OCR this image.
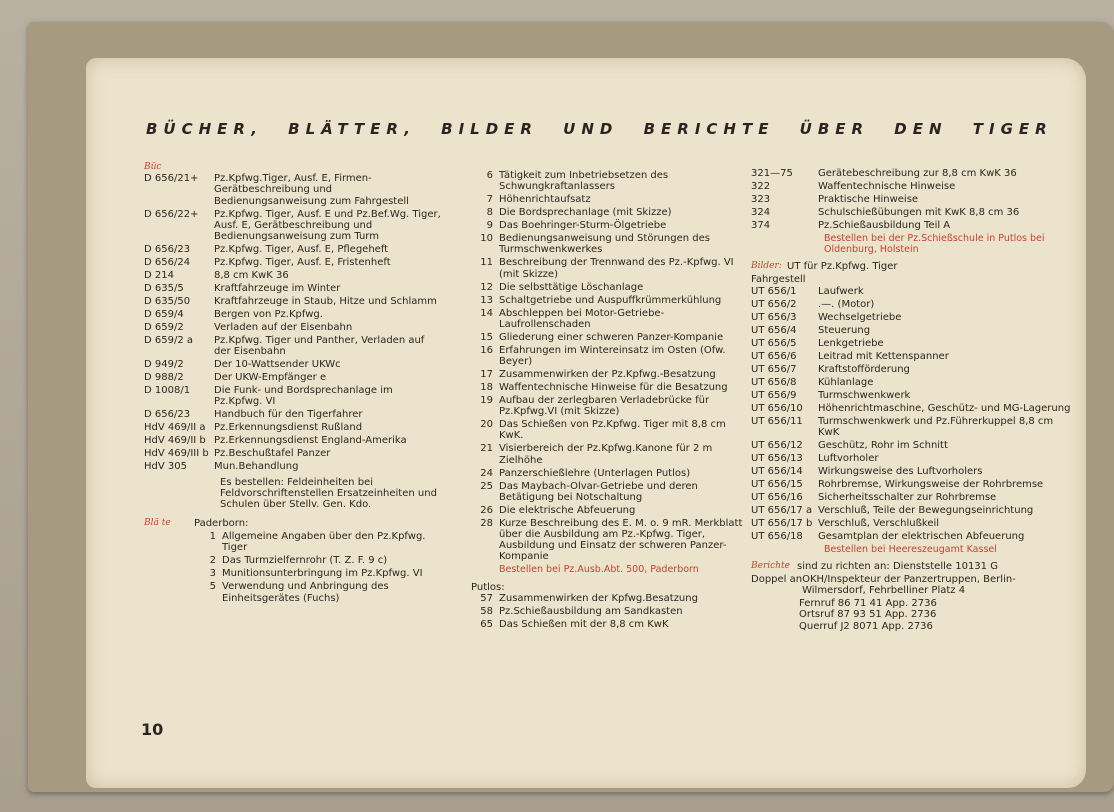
BÜCHER, BLÄTTER, BILDER UND BERICHTE ÜBER DEN TIGER
Büc
D 656/21+	Pz.Kpfwg.Tiger, Ausf. E, Firmen-Gerätbeschreibung und Bedienungsanweisung zum Fahrgestell
D 656/22+	Pz.Kpfwg. Tiger, Ausf. E und Pz.Bef.Wg. Tiger, Ausf. E, Gerätbeschreibung und Bedienungsanweisung zum Turm
D 656/23	Pz.Kpfwg. Tiger, Ausf. E, Pflegeheft
D 656/24	Pz.Kpfwg. Tiger, Ausf. E, Fristenheft
D 214	8,8 cm KwK 36
D 635/5	Kraftfahrzeuge im Winter
D 635/50	Kraftfahrzeuge in Staub, Hitze und Schlamm
D 659/4	Bergen von Pz.Kpfwg.
D 659/2	Verladen auf der Eisenbahn
D 659/2 a	Pz.Kpfwg. Tiger und Panther, Verladen auf der Eisenbahn
D 949/2	Der 10-Wattsender UKWc
D 988/2	Der UKW-Empfänger e
D 1008/1	Die Funk- und Bordsprechanlage im Pz.Kpfwg. VI
D 656/23	Handbuch für den Tigerfahrer
HdV 469/II a Pz.Erkennungsdienst Rußland
HdV 469/II b Pz.Erkennungsdienst England-Amerika
HdV 469/III b Pz.Beschußtafel Panzer
HdV 305	Mun.Behandlung
Es bestellen: Feldeinheiten bei Feldvorschriftenstellen Ersatzeinheiten und Schulen über Stellv. Gen. Kdo.
Blä te	Paderborn:
1 Allgemeine Angaben über den Pz.Kpfwg. Tiger
2 Das Turmzielfernrohr (T. Z. F. 9 c)
3 Munitionsunterbringung im Pz.Kpfwg. VI
5 Verwendung und Anbringung des Einheitsgerätes (Fuchs)
6 Tätigkeit zum Inbetriebsetzen des Schwungkraftanlassers
7 Höhenrichtaufsatz
8 Die Bordsprechanlage (mit Skizze)
9 Das Boehringer-Sturm-Ölgetriebe
10 Bedienungsanweisung und Störungen des Turmschwenkwerkes
11 Beschreibung der Trennwand des Pz.-Kpfwg. VI (mit Skizze)
12 Die selbsttätige Löschanlage
13 Schaltgetriebe und Auspuffkrümmerkühlung
14 Abschleppen bei Motor-Getriebe-Laufrollenschaden
15 Gliederung einer schweren Panzer-Kompanie
16 Erfahrungen im Wintereinsatz im Osten (Ofw. Beyer)
17 Zusammenwirken der Pz.Kpfwg.-Besatzung
18 Waffentechnische Hinweise für die Besatzung
19 Aufbau der zerlegbaren Verladebrücke für Pz.Kpfwg.VI (mit Skizze)
20 Das Schießen von Pz.Kpfwg. Tiger mit 8,8 cm KwK.
21 Visierbereich der Pz.Kpfwg.Kanone für 2 m Zielhöhe
24 Panzerschießlehre (Unterlagen Putlos)
25 Das Maybach-Olvar-Getriebe und deren Betätigung bei Notschaltung
26 Die elektrische Abfeuerung
28 Kurze Beschreibung des E. M. o. 9 mR. Merkblatt über die Ausbildung am Pz.-Kpfwg. Tiger, Ausbildung und Einsatz der schweren Panzer-Kompanie
Bestellen bei Pz.Ausb.Abt. 500, Paderborn
Putlos:
57 Zusammenwirken der Kpfwg.Besatzung
58 Pz.Schießausbildung am Sandkasten
65 Das Schießen mit der 8,8 cm KwK
321—75	Gerätebeschreibung zur 8,8 cm KwK 36
322	Waffentechnische Hinweise
323	Praktische Hinweise
324	Schulschießübungen mit KwK 8,8 cm 36
374	Pz.Schießausbildung Teil A
Bestellen bei der Pz.Schießschule in Putlos bei Oldenburg, Holstein
Bilder: UT für Pz.Kpfwg. Tiger
Fahrgestell
UT 656/1	Laufwerk
UT 656/2	.—. (Motor)
UT 656/3	Wechselgetriebe
UT 656/4	Steuerung
UT 656/5	Lenkgetriebe
UT 656/6	Leitrad mit Kettenspanner
UT 656/7	Kraftstofförderung
UT 656/8	Kühlanlage
UT 656/9	Turmschwenkwerk
UT 656/10	Höhenrichtmaschine, Geschütz- und MG-Lagerung
UT 656/11	Turmschwenkwerk und Pz.Führerkuppel 8,8 cm KwK
UT 656/12	Geschütz, Rohr im Schnitt
UT 656/13	Luftvorholer
UT 656/14	Wirkungsweise des Luftvorholers
UT 656/15	Rohrbremse, Wirkungsweise der Rohrbremse
UT 656/16	Sicherheitsschalter zur Rohrbremse
UT 656/17 a Verschluß, Teile der Bewegungseinrichtung
UT 656/17 b Verschluß, Verschlußkeil
UT 656/18	Gesamtplan der elektrischen Abfeuerung
Bestellen bei Heereszeugamt Kassel
Berichte sind zu richten an: Dienststelle 10131 G
Doppel an OKH/Inspekteur der Panzertruppen, Berlin-Wilmersdorf, Fehrbelliner Platz 4
Fernruf 86 71 41 App. 2736
Ortsruf 87 93 51 App. 2736
Querruf J2 8071 App. 2736
10
